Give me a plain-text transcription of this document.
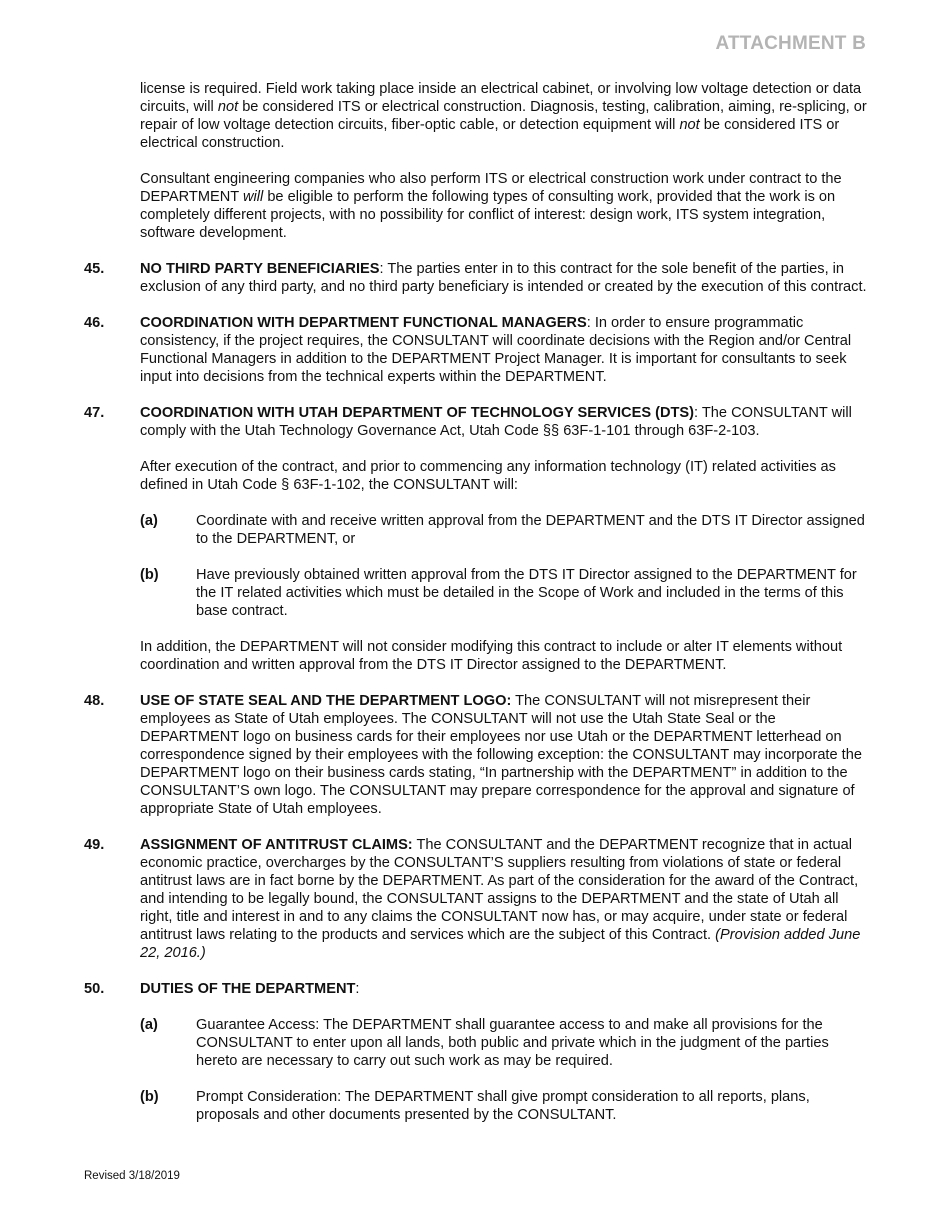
ATTACHMENT B

license is required. Field work taking place inside an electrical cabinet, or involving low voltage detection or data circuits, will not be considered ITS or electrical construction. Diagnosis, testing, calibration, aiming, re-splicing, or repair of low voltage detection circuits, fiber-optic cable, or detection equipment will not be considered ITS or electrical construction.

Consultant engineering companies who also perform ITS or electrical construction work under contract to the DEPARTMENT will be eligible to perform the following types of consulting work, provided that the work is on completely different projects, with no possibility for conflict of interest: design work, ITS system integration, software development.

45.	NO THIRD PARTY BENEFICIARIES: The parties enter in to this contract for the sole benefit of the parties, in exclusion of any third party, and no third party beneficiary is intended or created by the execution of this contract.
46.	COORDINATION WITH DEPARTMENT FUNCTIONAL MANAGERS: In order to ensure programmatic consistency, if the project requires, the CONSULTANT will coordinate decisions with the Region and/or Central Functional Managers in addition to the DEPARTMENT Project Manager. It is important for consultants to seek input into decisions from the technical experts within the DEPARTMENT.
47.	COORDINATION WITH UTAH DEPARTMENT OF TECHNOLOGY SERVICES (DTS): The CONSULTANT will comply with the Utah Technology Governance Act, Utah Code §§ 63F-1-101 through 63F-2-103.

After execution of the contract, and prior to commencing any information technology (IT) related activities as defined in Utah Code § 63F-1-102, the CONSULTANT will:

(a)	Coordinate with and receive written approval from the DEPARTMENT and the DTS IT Director assigned to the DEPARTMENT, or
(b)	Have previously obtained written approval from the DTS IT Director assigned to the DEPARTMENT for the IT related activities which must be detailed in the Scope of Work and included in the terms of this base contract.

In addition, the DEPARTMENT will not consider modifying this contract to include or alter IT elements without coordination and written approval from the DTS IT Director assigned to the DEPARTMENT.

48.	USE OF STATE SEAL AND THE DEPARTMENT LOGO: The CONSULTANT will not misrepresent their employees as State of Utah employees. The CONSULTANT will not use the Utah State Seal or the DEPARTMENT logo on business cards for their employees nor use Utah or the DEPARTMENT letterhead on correspondence signed by their employees with the following exception: the CONSULTANT may incorporate the DEPARTMENT logo on their business cards stating, “In partnership with the DEPARTMENT” in addition to the CONSULTANT’S own logo. The CONSULTANT may prepare correspondence for the approval and signature of appropriate State of Utah employees.
49.	ASSIGNMENT OF ANTITRUST CLAIMS: The CONSULTANT and the DEPARTMENT recognize that in actual economic practice, overcharges by the CONSULTANT’S suppliers resulting from violations of state or federal antitrust laws are in fact borne by the DEPARTMENT. As part of the consideration for the award of the Contract, and intending to be legally bound, the CONSULTANT assigns to the DEPARTMENT and the state of Utah all right, title and interest in and to any claims the CONSULTANT now has, or may acquire, under state or federal antitrust laws relating to the products and services which are the subject of this Contract. (Provision added June 22, 2016.)
50.	DUTIES OF THE DEPARTMENT:
(a)	Guarantee Access: The DEPARTMENT shall guarantee access to and make all provisions for the CONSULTANT to enter upon all lands, both public and private which in the judgment of the parties hereto are necessary to carry out such work as may be required.
(b)	Prompt Consideration: The DEPARTMENT shall give prompt consideration to all reports, plans, proposals and other documents presented by the CONSULTANT.
Revised 3/18/2019
